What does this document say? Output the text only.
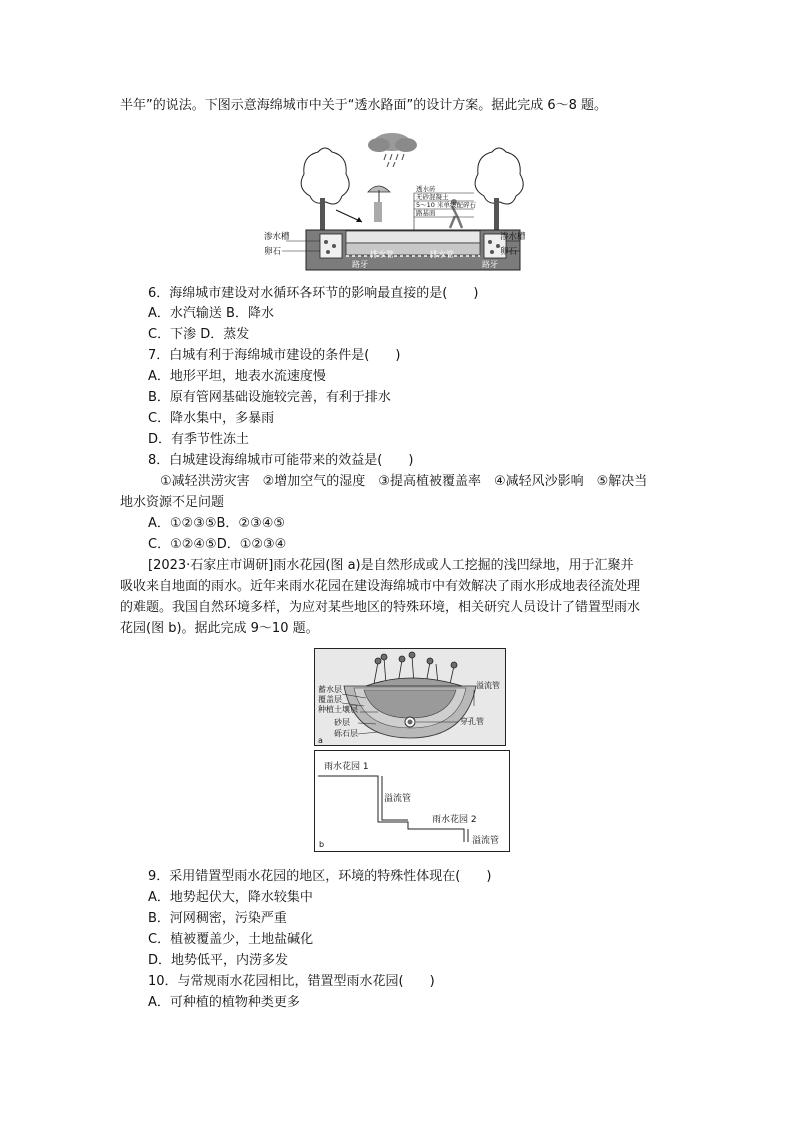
半年”的说法。下图示意海绵城市中关于“透水路面”的设计方案。据此完成 6～8 题。
透水砖
无砂混凝土
5～10 米单级配碎石
路基面
渗水槽
卵石
渗水槽
卵石
排水管	排水管
路牙	路牙
6．海绵城市建设对水循环各环节的影响最直接的是(　　)
A．水汽输送 B．降水
C．下渗 D．蒸发
7．白城有利于海绵城市建设的条件是(　　)
A．地形平坦，地表水流速度慢
B．原有管网基础设施较完善，有利于排水
C．降水集中，多暴雨
D．有季节性冻土
8．白城建设海绵城市可能带来的效益是(　　)
①减轻洪涝灾害　②增加空气的湿度　③提高植被覆盖率　④减轻风沙影响　⑤解决当
地水资源不足问题
A．①②③⑤B．②③④⑤
C．①②④⑤D．①②③④
[2023·石家庄市调研]雨水花园(图 a)是自然形成或人工挖掘的浅凹绿地，用于汇聚并
吸收来自地面的雨水。近年来雨水花园在建设海绵城市中有效解决了雨水形成地表径流处理
的难题。我国自然环境多样，为应对某些地区的特殊环境，相关研究人员设计了错置型雨水
花园(图 b)。据此完成 9～10 题。
蓄水层
覆盖层
种植土壤层
砂层
砾石层
溢流管
穿孔管
a
雨水花园 1
溢流管
雨水花园 2
溢流管
b
9．采用错置型雨水花园的地区，环境的特殊性体现在(　　)
A．地势起伏大，降水较集中
B．河网稠密，污染严重
C．植被覆盖少，土地盐碱化
D．地势低平，内涝多发
10．与常规雨水花园相比，错置型雨水花园(　　)
A．可种植的植物种类更多
